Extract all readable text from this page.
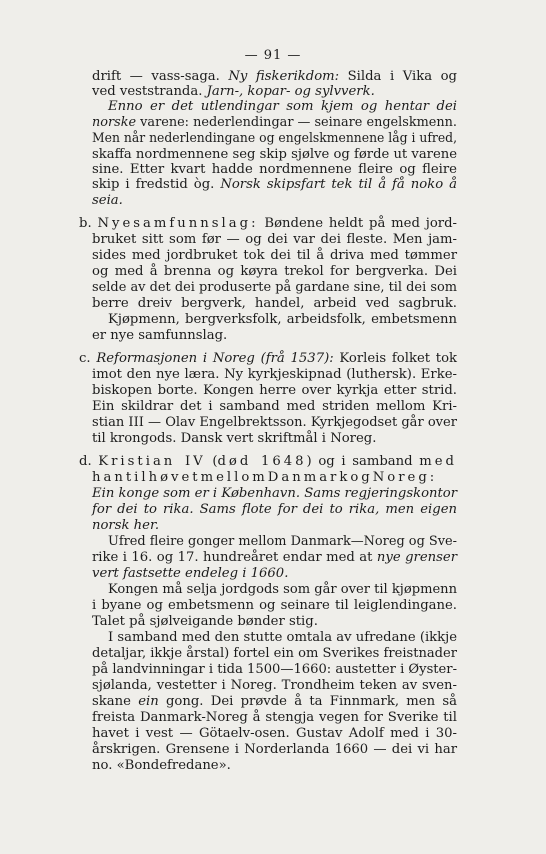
— 91 —
drift — vass-saga. Ny fiskerikdom: Silda i Vika og
ved veststranda. Jarn-, kopar- og sylvverk.
Enno er det utlendingar som kjem og hentar dei
norske varene: nederlendingar — seinare engelskmenn.
Men når nederlendingane og engelskmennene låg i ufred,
skaffa nordmennene seg skip sjølve og førde ut varene
sine. Etter kvart hadde nordmennene fleire og fleire
skip i fredstid òg. Norsk skipsfart tek til å få noko å
seia.
b. Nyesamfunnslag: Bøndene heldt på med jord-
bruket sitt som før — og dei var dei fleste. Men jam-
sides med jordbruket tok dei til å driva med tømmer
og med å brenna og køyra trekol for bergverka. Dei
selde av det dei produserte på gardane sine, til dei som
berre dreiv bergverk, handel, arbeid ved sagbruk.
Kjøpmenn, bergverksfolk, arbeidsfolk, embetsmenn
er nye samfunnslag.
c. Reformasjonen i Noreg (frå 1537): Korleis folket tok
imot den nye læra. Ny kyrkjeskipnad (luthersk). Erke-
biskopen borte. Kongen herre over kyrkja etter strid.
Ein skildrar det i samband med striden mellom Kri-
stian III — Olav Engelbrektsson. Kyrkjegodset går over
til krongods. Dansk vert skriftmål i Noreg.
d. Kristian IV (død 1648) og i samband med
hantilhøvetmellomDanmarkogNoreg:
Ein konge som er i København. Sams regjeringskontor
for dei to rika. Sams flote for dei to rika, men eigen
norsk her.
Ufred fleire gonger mellom Danmark—Noreg og Sve-
rike i 16. og 17. hundreåret endar med at nye grenser
vert fastsette endeleg i 1660.
Kongen må selja jordgods som går over til kjøpmenn
i byane og embetsmenn og seinare til leiglendingane.
Talet på sjølveigande bønder stig.
I samband med den stutte omtala av ufredane (ikkje
detaljar, ikkje årstal) fortel ein om Sverikes freistnader
på landvinningar i tida 1500—1660: austetter i Øyster-
sjølanda, vestetter i Noreg. Trondheim teken av sven-
skane ein gong. Dei prøvde å ta Finnmark, men så
freista Danmark-Noreg å stengja vegen for Sverike til
havet i vest — Götaelv-osen. Gustav Adolf med i 30-
årskrigen. Grensene i Norderlanda 1660 — dei vi har
no. «Bondefredane».
